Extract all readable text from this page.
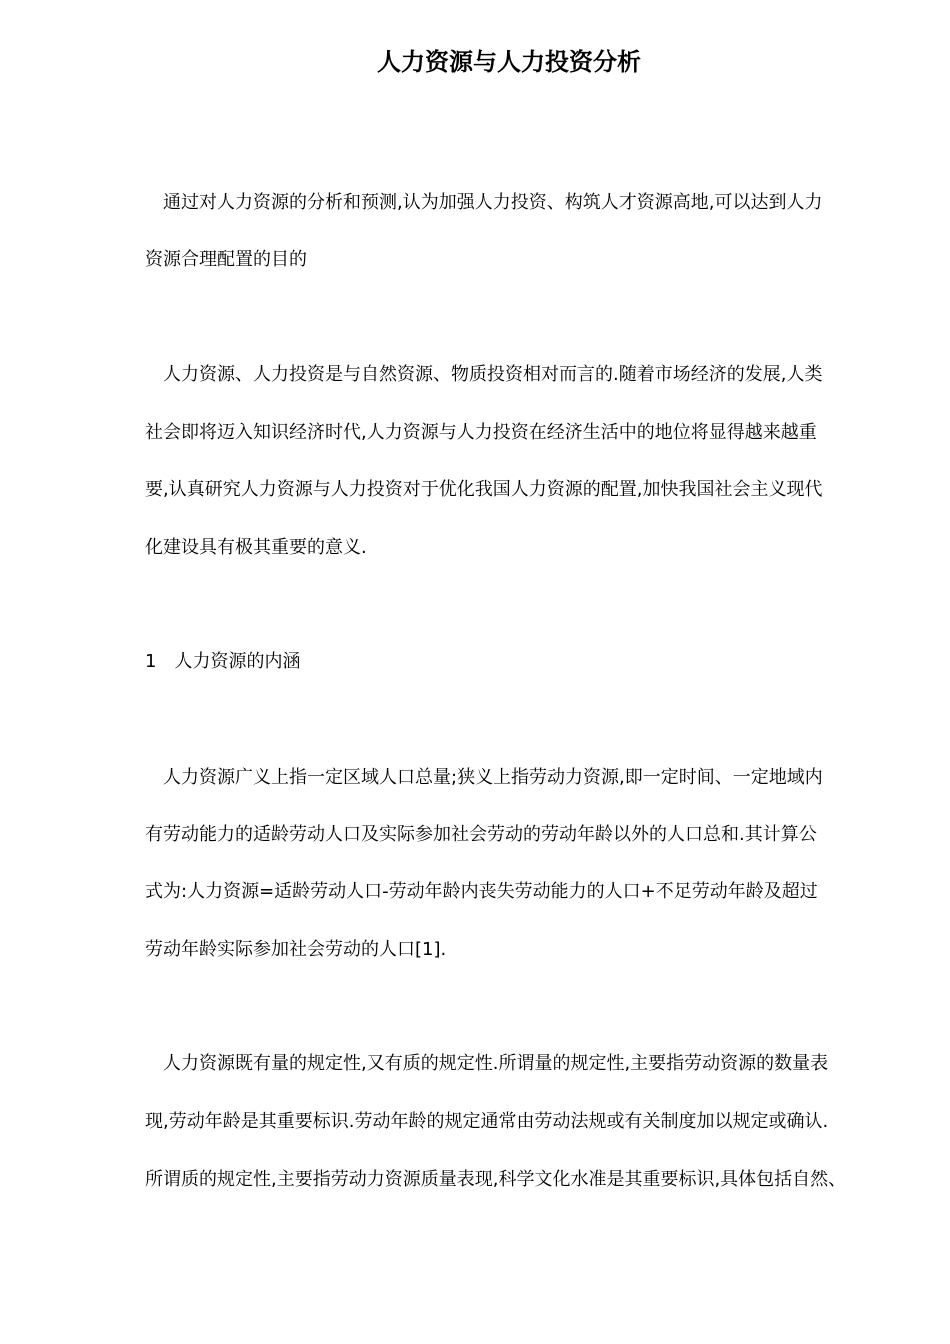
人力资源与人力投资分析
通过对人力资源的分析和预测,认为加强人力投资、构筑人才资源高地,可以达到人力
资源合理配置的目的
人力资源、人力投资是与自然资源、物质投资相对而言的.随着市场经济的发展,人类
社会即将迈入知识经济时代,人力资源与人力投资在经济生活中的地位将显得越来越重
要,认真研究人力资源与人力投资对于优化我国人力资源的配置,加快我国社会主义现代
化建设具有极其重要的意义.
1　人力资源的内涵
人力资源广义上指一定区域人口总量;狭义上指劳动力资源,即一定时间、一定地域内
有劳动能力的适龄劳动人口及实际参加社会劳动的劳动年龄以外的人口总和.其计算公
式为:人力资源=适龄劳动人口-劳动年龄内丧失劳动能力的人口+不足劳动年龄及超过
劳动年龄实际参加社会劳动的人口[1].
人力资源既有量的规定性,又有质的规定性.所谓量的规定性,主要指劳动资源的数量表
现,劳动年龄是其重要标识.劳动年龄的规定通常由劳动法规或有关制度加以规定或确认.
所谓质的规定性,主要指劳动力资源质量表现,科学文化水准是其重要标识,具体包括自然、
